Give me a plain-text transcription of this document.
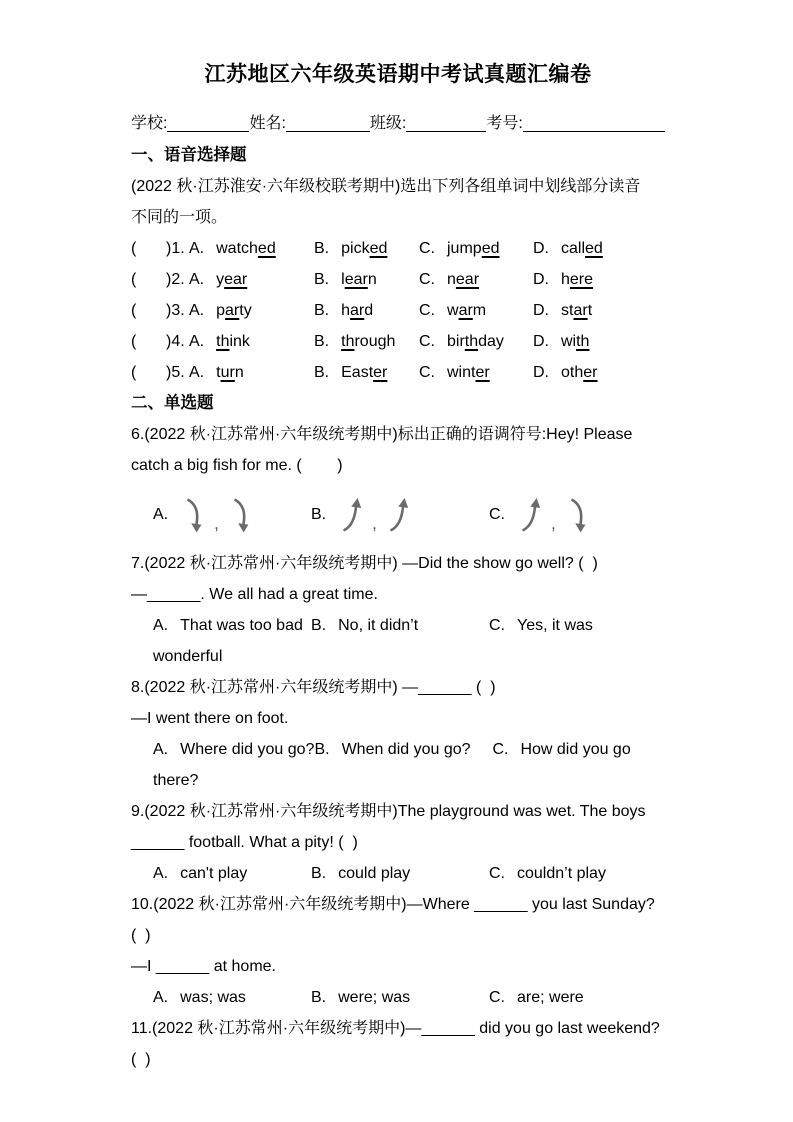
江苏地区六年级英语期中考试真题汇编卷
学校:	姓名:	班级:	考号:
一、语音选择题
(2022 秋·江苏淮安·六年级校联考期中)选出下列各组单词中划线部分读音
不同的一项。
(	)1. A. watched	B. picked	C. jumped	D. called
(	)2. A. year	B. learn	C. near	D. here
(	)3. A. party	B. hard	C. warm	D. start
(	)4. A. think	B. through	C. birthday	D. with
(	)5. A. turn	B. Easter	C. winter	D. other
二、单选题
6.(2022 秋·江苏常州·六年级统考期中)标出正确的语调符号:Hey! Please
catch a big fish for me. (        )
A.	,	B.	,	C.	,
7.(2022 秋·江苏常州·六年级统考期中) —Did the show go well? (  )
—______. We all had a great time.
A. That was too bad B. No, it didn’t	C. Yes, it was
wonderful
8.(2022 秋·江苏常州·六年级统考期中) —______ (  )
—I went there on foot.
A. Where did you go? B. When did you go?	C. How did you go
there?
9.(2022 秋·江苏常州·六年级统考期中)The playground was wet. The boys
______ football. What a pity! (  )
A. can't play	B. could play	C. couldn’t play
10.(2022 秋·江苏常州·六年级统考期中)—Where ______ you last Sunday?
(  )
—I ______ at home.
A. was; was	B. were; was	C. are; were
11.(2022 秋·江苏常州·六年级统考期中)—______ did you go last weekend?
(  )
